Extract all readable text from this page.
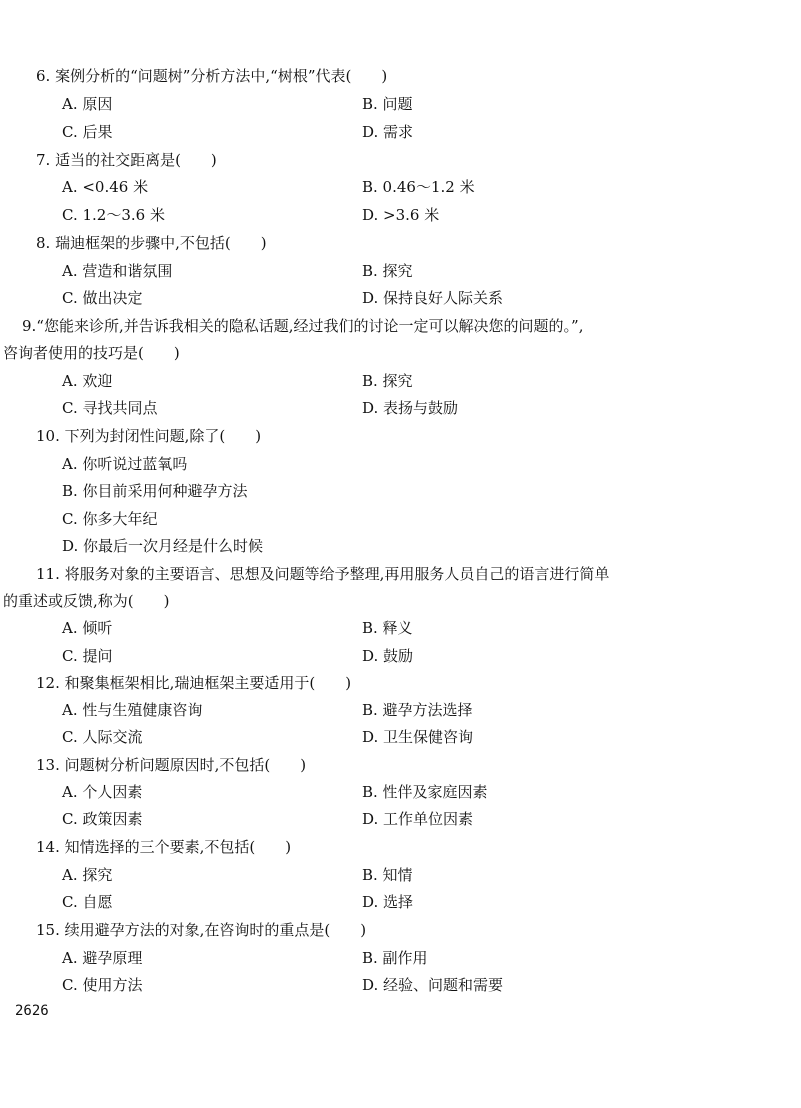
6. 案例分析的“问题树”分析方法中,“树根”代表(　　)
A. 原因	B. 问题
C. 后果	D. 需求
7. 适当的社交距离是(　　)
A. <0.46 米	B. 0.46～1.2 米
C. 1.2～3.6 米	D. >3.6 米
8. 瑞迪框架的步骤中,不包括(　　)
A. 营造和谐氛围	B. 探究
C. 做出决定	D. 保持良好人际关系
9.“您能来诊所,并告诉我相关的隐私话题,经过我们的讨论一定可以解决您的问题的。”,
咨询者使用的技巧是(　　)
A. 欢迎	B. 探究
C. 寻找共同点	D. 表扬与鼓励
10. 下列为封闭性问题,除了(　　)
A. 你听说过蓝氧吗
B. 你目前采用何种避孕方法
C. 你多大年纪
D. 你最后一次月经是什么时候
11. 将服务对象的主要语言、思想及问题等给予整理,再用服务人员自己的语言进行简单
的重述或反馈,称为(　　)
A. 倾听	B. 释义
C. 提问	D. 鼓励
12. 和聚集框架相比,瑞迪框架主要适用于(　　)
A. 性与生殖健康咨询	B. 避孕方法选择
C. 人际交流	D. 卫生保健咨询
13. 问题树分析问题原因时,不包括(　　)
A. 个人因素	B. 性伴及家庭因素
C. 政策因素	D. 工作单位因素
14. 知情选择的三个要素,不包括(　　)
A. 探究	B. 知情
C. 自愿	D. 选择
15. 续用避孕方法的对象,在咨询时的重点是(　　)
A. 避孕原理	B. 副作用
C. 使用方法	D. 经验、问题和需要
2626
